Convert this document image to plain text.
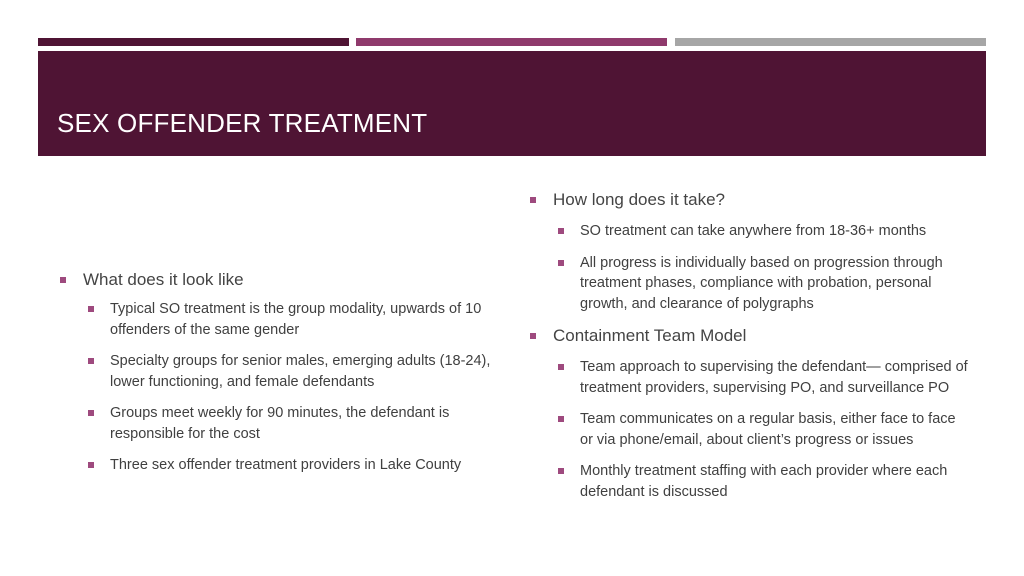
SEX OFFENDER TREATMENT
What does it look like
Typical SO treatment is the group modality, upwards of 10 offenders of the same gender
Specialty groups for senior males, emerging adults (18-24), lower functioning, and female defendants
Groups meet weekly for 90 minutes, the defendant is responsible for the cost
Three sex offender treatment providers in Lake County
How long does it take?
SO treatment can take anywhere from 18-36+ months
All progress is individually based on progression through treatment phases, compliance with probation, personal growth, and clearance of polygraphs
Containment Team Model
Team approach to supervising the defendant— comprised of treatment providers, supervising PO, and surveillance PO
Team communicates on a regular basis, either face to face or via phone/email, about client’s progress or issues
Monthly treatment staffing with each provider where each defendant is discussed
